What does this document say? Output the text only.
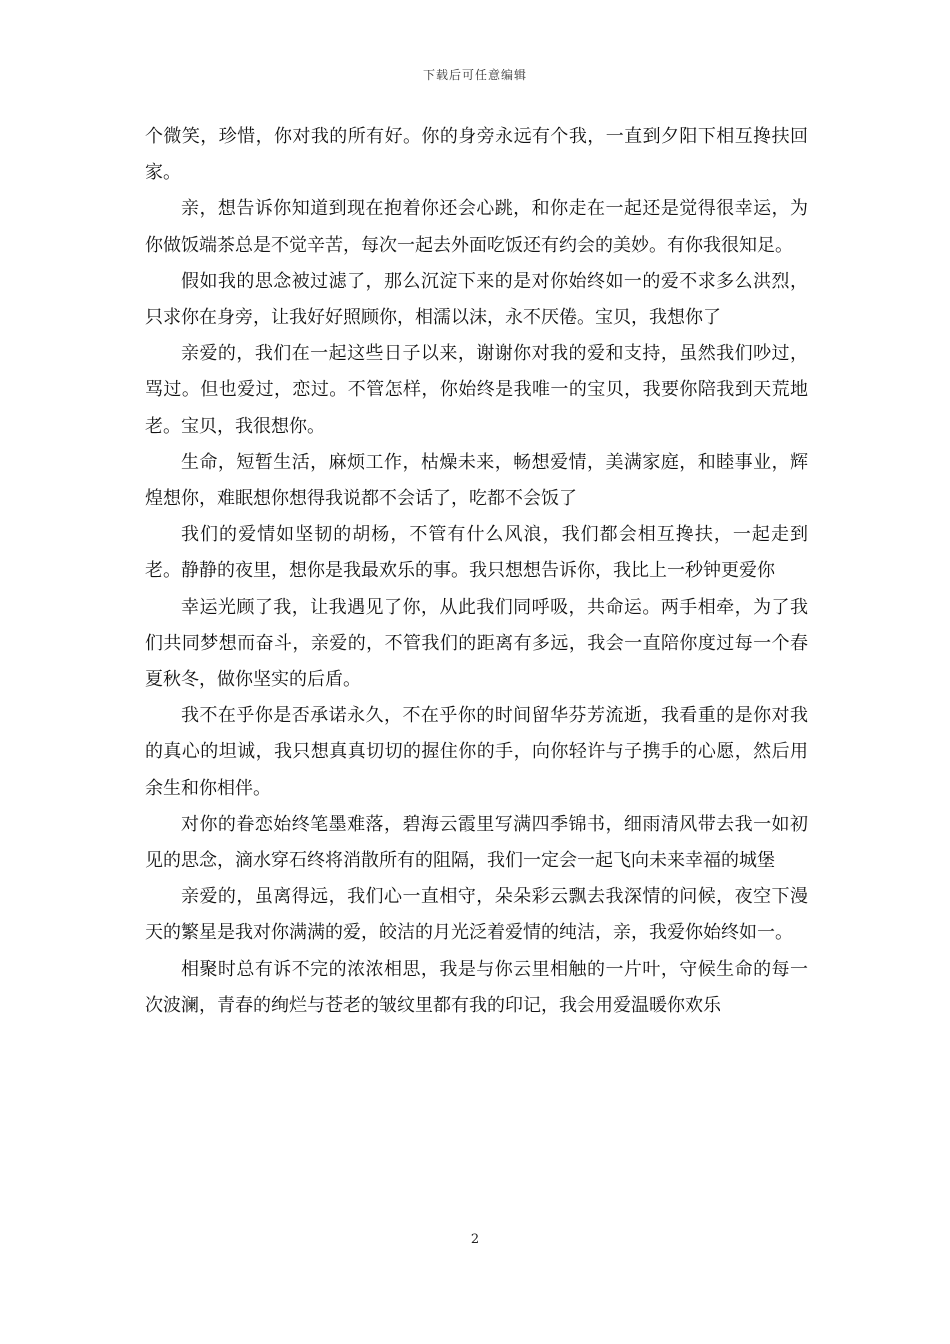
下载后可任意编辑

个微笑，珍惜，你对我的所有好。你的身旁永远有个我，一直到夕阳下相互搀扶回家。

亲，想告诉你知道到现在抱着你还会心跳，和你走在一起还是觉得很幸运，为你做饭端茶总是不觉辛苦，每次一起去外面吃饭还有约会的美妙。有你我很知足。

假如我的思念被过滤了，那么沉淀下来的是对你始终如一的爱不求多么洪烈，只求你在身旁，让我好好照顾你，相濡以沫，永不厌倦。宝贝，我想你了

亲爱的，我们在一起这些日子以来，谢谢你对我的爱和支持，虽然我们吵过，骂过。但也爱过，恋过。不管怎样，你始终是我唯一的宝贝，我要你陪我到天荒地老。宝贝，我很想你。

生命，短暂生活，麻烦工作，枯燥未来，畅想爱情，美满家庭，和睦事业，辉煌想你，难眠想你想得我说都不会话了，吃都不会饭了

我们的爱情如坚韧的胡杨，不管有什么风浪，我们都会相互搀扶，一起走到老。静静的夜里，想你是我最欢乐的事。我只想想告诉你，我比上一秒钟更爱你

幸运光顾了我，让我遇见了你，从此我们同呼吸，共命运。两手相牵，为了我们共同梦想而奋斗，亲爱的，不管我们的距离有多远，我会一直陪你度过每一个春夏秋冬，做你坚实的后盾。

我不在乎你是否承诺永久，不在乎你的时间留华芬芳流逝，我看重的是你对我的真心的坦诚，我只想真真切切的握住你的手，向你轻许与子携手的心愿，然后用余生和你相伴。

对你的眷恋始终笔墨难落，碧海云霞里写满四季锦书，细雨清风带去我一如初见的思念，滴水穿石终将消散所有的阻隔，我们一定会一起飞向未来幸福的城堡

亲爱的，虽离得远，我们心一直相守，朵朵彩云飘去我深情的问候，夜空下漫天的繁星是我对你满满的爱，皎洁的月光泛着爱情的纯洁，亲，我爱你始终如一。

相聚时总有诉不完的浓浓相思，我是与你云里相触的一片叶，守候生命的每一次波澜，青春的绚烂与苍老的皱纹里都有我的印记，我会用爱温暖你欢乐

2
